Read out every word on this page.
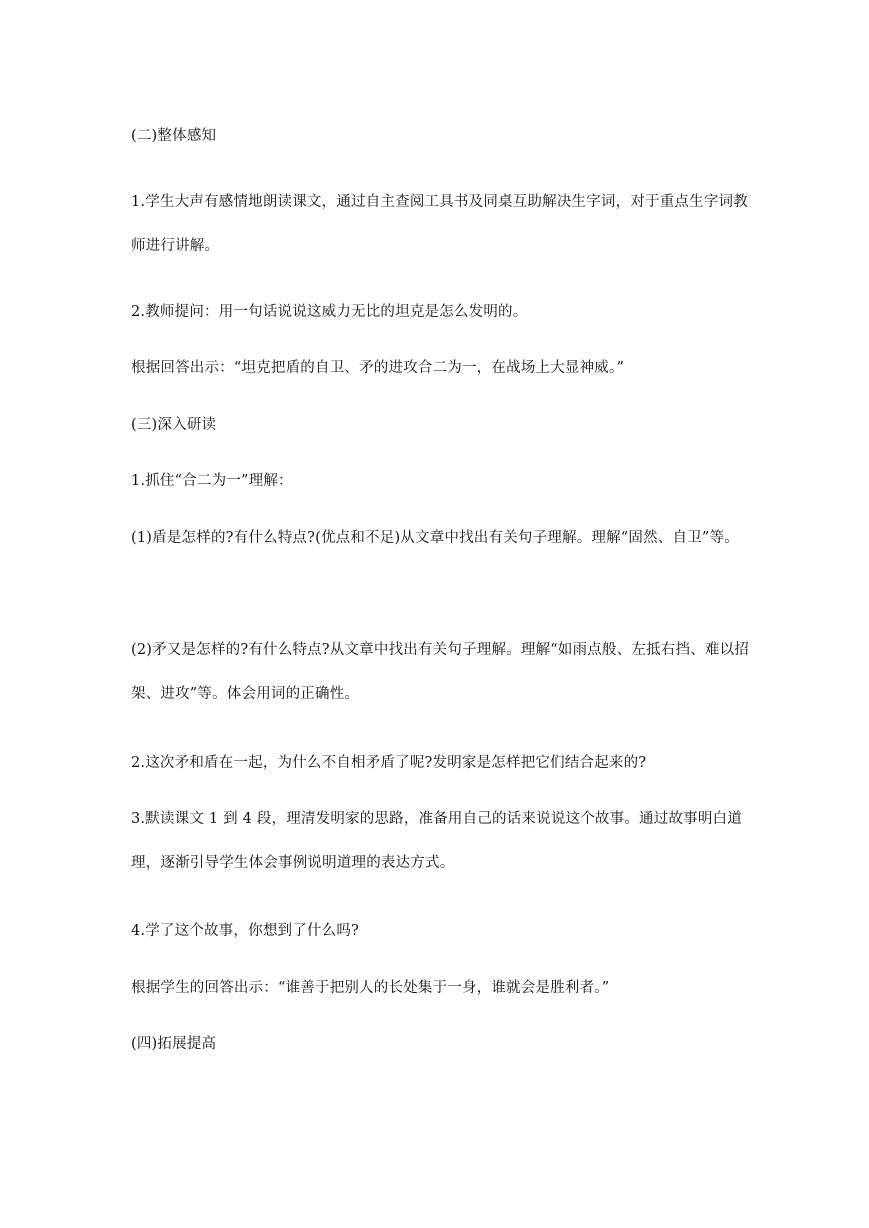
(二)整体感知

1.学生大声有感情地朗读课文，通过自主查阅工具书及同桌互助解决生字词，对于重点生字词教师进行讲解。

2.教师提问：用一句话说说这威力无比的坦克是怎么发明的。

根据回答出示：“坦克把盾的自卫、矛的进攻合二为一，在战场上大显神威。”

(三)深入研读

1.抓住“合二为一”理解：

(1)盾是怎样的?有什么特点?(优点和不足)从文章中找出有关句子理解。理解“固然、自卫”等。

(2)矛又是怎样的?有什么特点?从文章中找出有关句子理解。理解“如雨点般、左抵右挡、难以招架、进攻”等。体会用词的正确性。

2.这次矛和盾在一起，为什么不自相矛盾了呢?发明家是怎样把它们结合起来的?

3.默读课文 1 到 4 段，理清发明家的思路，准备用自己的话来说说这个故事。通过故事明白道理，逐渐引导学生体会事例说明道理的表达方式。

4.学了这个故事，你想到了什么吗?

根据学生的回答出示：“谁善于把别人的长处集于一身，谁就会是胜利者。”

(四)拓展提高
